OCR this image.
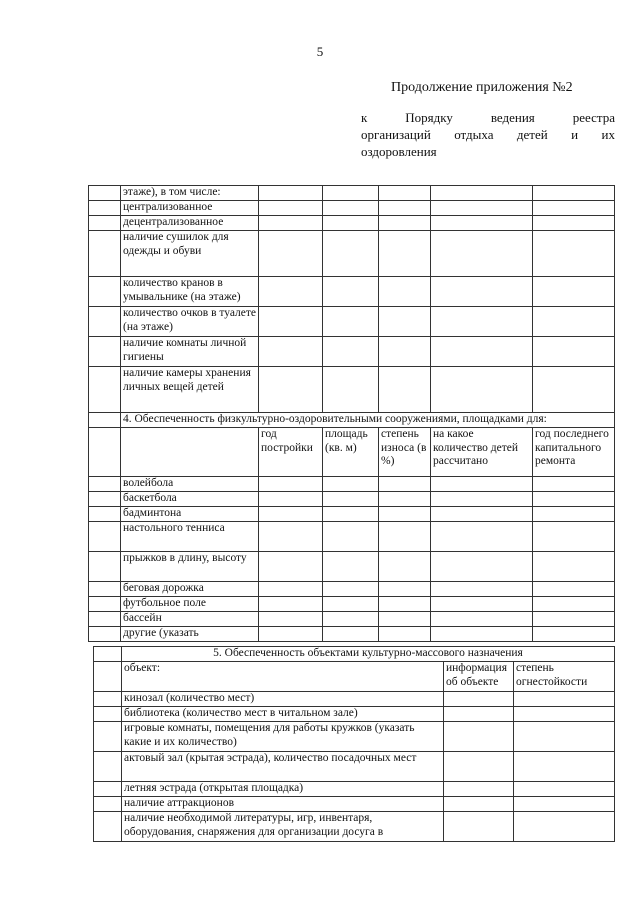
5
Продолжение приложения №2
к	Порядку	ведения	реестра
организаций отдыха детей и их
оздоровления
	этаже), в том числе:					
	централизованное					
	децентрализованное					
	наличие сушилок для одежды и обуви					
	количество кранов в умывальнике (на этаже)					
	количество очков в туалете (на этаже)					
	наличие комнаты личной гигиены					
	наличие камеры хранения личных вещей детей					
	4. Обеспеченность физкультурно-оздоровительными сооружениями, площадками для:					
		год постройки	площадь (кв. м)	степень износа (в %)	на какое количество детей рассчитано	год последнего капитального ремонта
	волейбола					
	баскетбола					
	бадминтона					
	настольного тенниса					
	прыжков в длину, высоту					
	беговая дорожка					
	футбольное поле					
	бассейн					
	другие (указать					
	5. Обеспеченность объектами культурно-массового назначения		
	объект:	информация об объекте	степень огнестойкости
	кинозал (количество мест)		
	библиотека (количество мест в читальном зале)		
	игровые комнаты, помещения для работы кружков (указать какие и их количество)		
	актовый зал (крытая эстрада), количество посадочных мест		
	летняя эстрада (открытая площадка)		
	наличие аттракционов		
	наличие необходимой литературы, игр, инвентаря, оборудования, снаряжения для организации досуга в		
